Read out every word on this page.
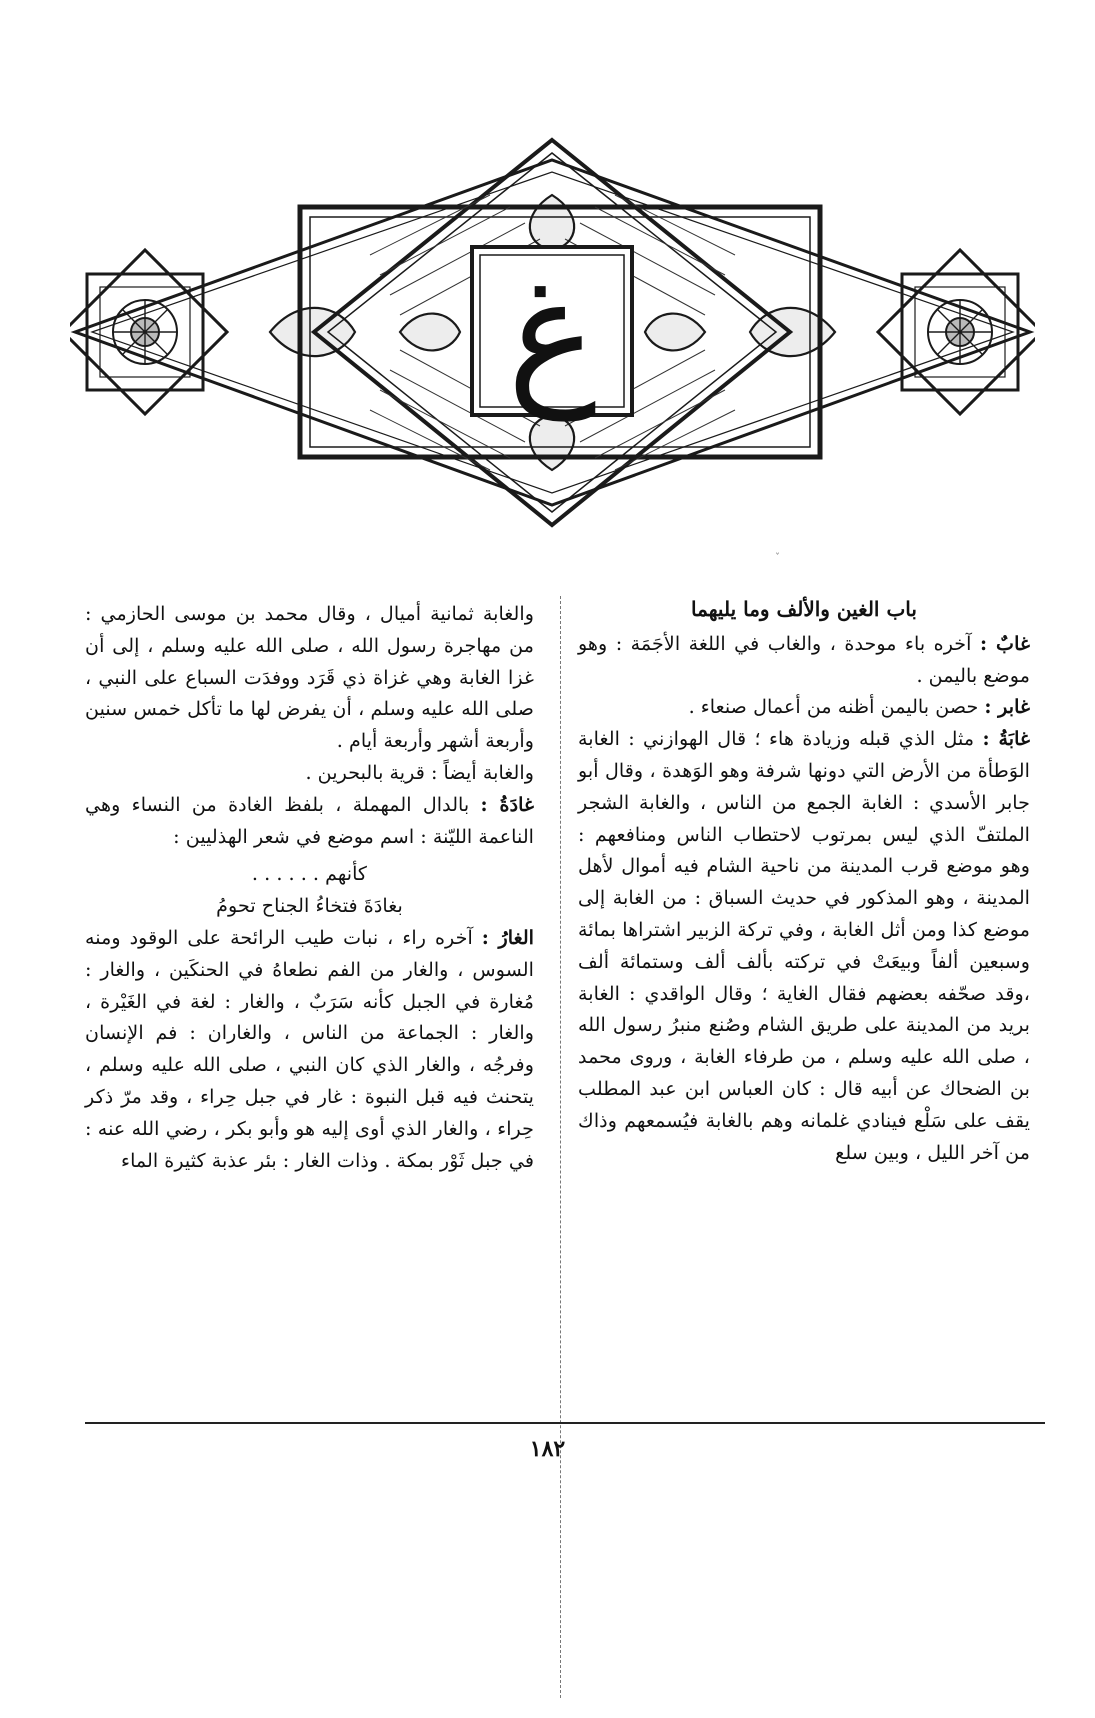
غ
ˇ
باب الغين والألف وما يليهما

غابٌ : آخره باء موحدة ، والغاب في اللغة الأجَمَة : وهو موضع باليمن .

غابر : حصن باليمن أظنه من أعمال صنعاء .

غابَةُ : مثل الذي قبله وزيادة هاء ؛ قال الهوازني : الغابة الوَطأة من الأرض التي دونها شرفة وهو الوَهدة ، وقال أبو جابر الأسدي : الغابة الجمع من الناس ، والغابة الشجر الملتفّ الذي ليس بمرتوب لاحتطاب الناس ومنافعهم : وهو موضع قرب المدينة من ناحية الشام فيه أموال لأهل المدينة ، وهو المذكور في حديث السباق : من الغابة إلى موضع كذا ومن أثل الغابة ، وفي تركة الزبير اشتراها بمائة وسبعين ألفاً وبيعَتْ في تركته بألف ألف وستمائة ألف ،وقد صحّفه بعضهم فقال الغاية ؛ وقال الواقدي : الغابة بريد من المدينة على طريق الشام وصُنع منبرُ رسول الله ، صلى الله عليه وسلم ، من طرفاء الغابة ، وروى محمد بن الضحاك عن أبيه قال : كان العباس ابن عبد المطلب يقف على سَلْع فينادي غلمانه وهم بالغابة فيُسمعهم وذاك من آخر الليل ، وبين سلع

والغابة ثمانية أميال ، وقال محمد بن موسى الحازمي : من مهاجرة رسول الله ، صلى الله عليه وسلم ، إلى أن غزا الغابة وهي غزاة ذي قَرَد ووفدَت السباع على النبي ، صلى الله عليه وسلم ، أن يفرض لها ما تأكل خمس سنين وأربعة أشهر وأربعة أيام .

والغابة أيضاً : قرية بالبحرين .

غادَةُ : بالدال المهملة ، بلفظ الغادة من النساء وهي الناعمة الليّنة : اسم موضع في شعر الهذليين :

كأنهم . . . . . .
بغادَةَ فتخاءُ الجناح تحومُ

الغارُ : آخره راء ، نبات طيب الرائحة على الوقود ومنه السوس ، والغار من الفم نطعاهُ في الحنكَين ، والغار : مُغارة في الجبل كأنه سَرَبٌ ، والغار : لغة في الغَيْرة ، والغار : الجماعة من الناس ، والغاران : فم الإنسان وفرجُه ، والغار الذي كان النبي ، صلى الله عليه وسلم ، يتحنث فيه قبل النبوة : غار في جبل حِراء ، وقد مرّ ذكر حِراء ، والغار الذي أوى إليه هو وأبو بكر ، رضي الله عنه : في جبل ثَوْر بمكة . وذات الغار : بئر عذبة كثيرة الماء

١٨٢
